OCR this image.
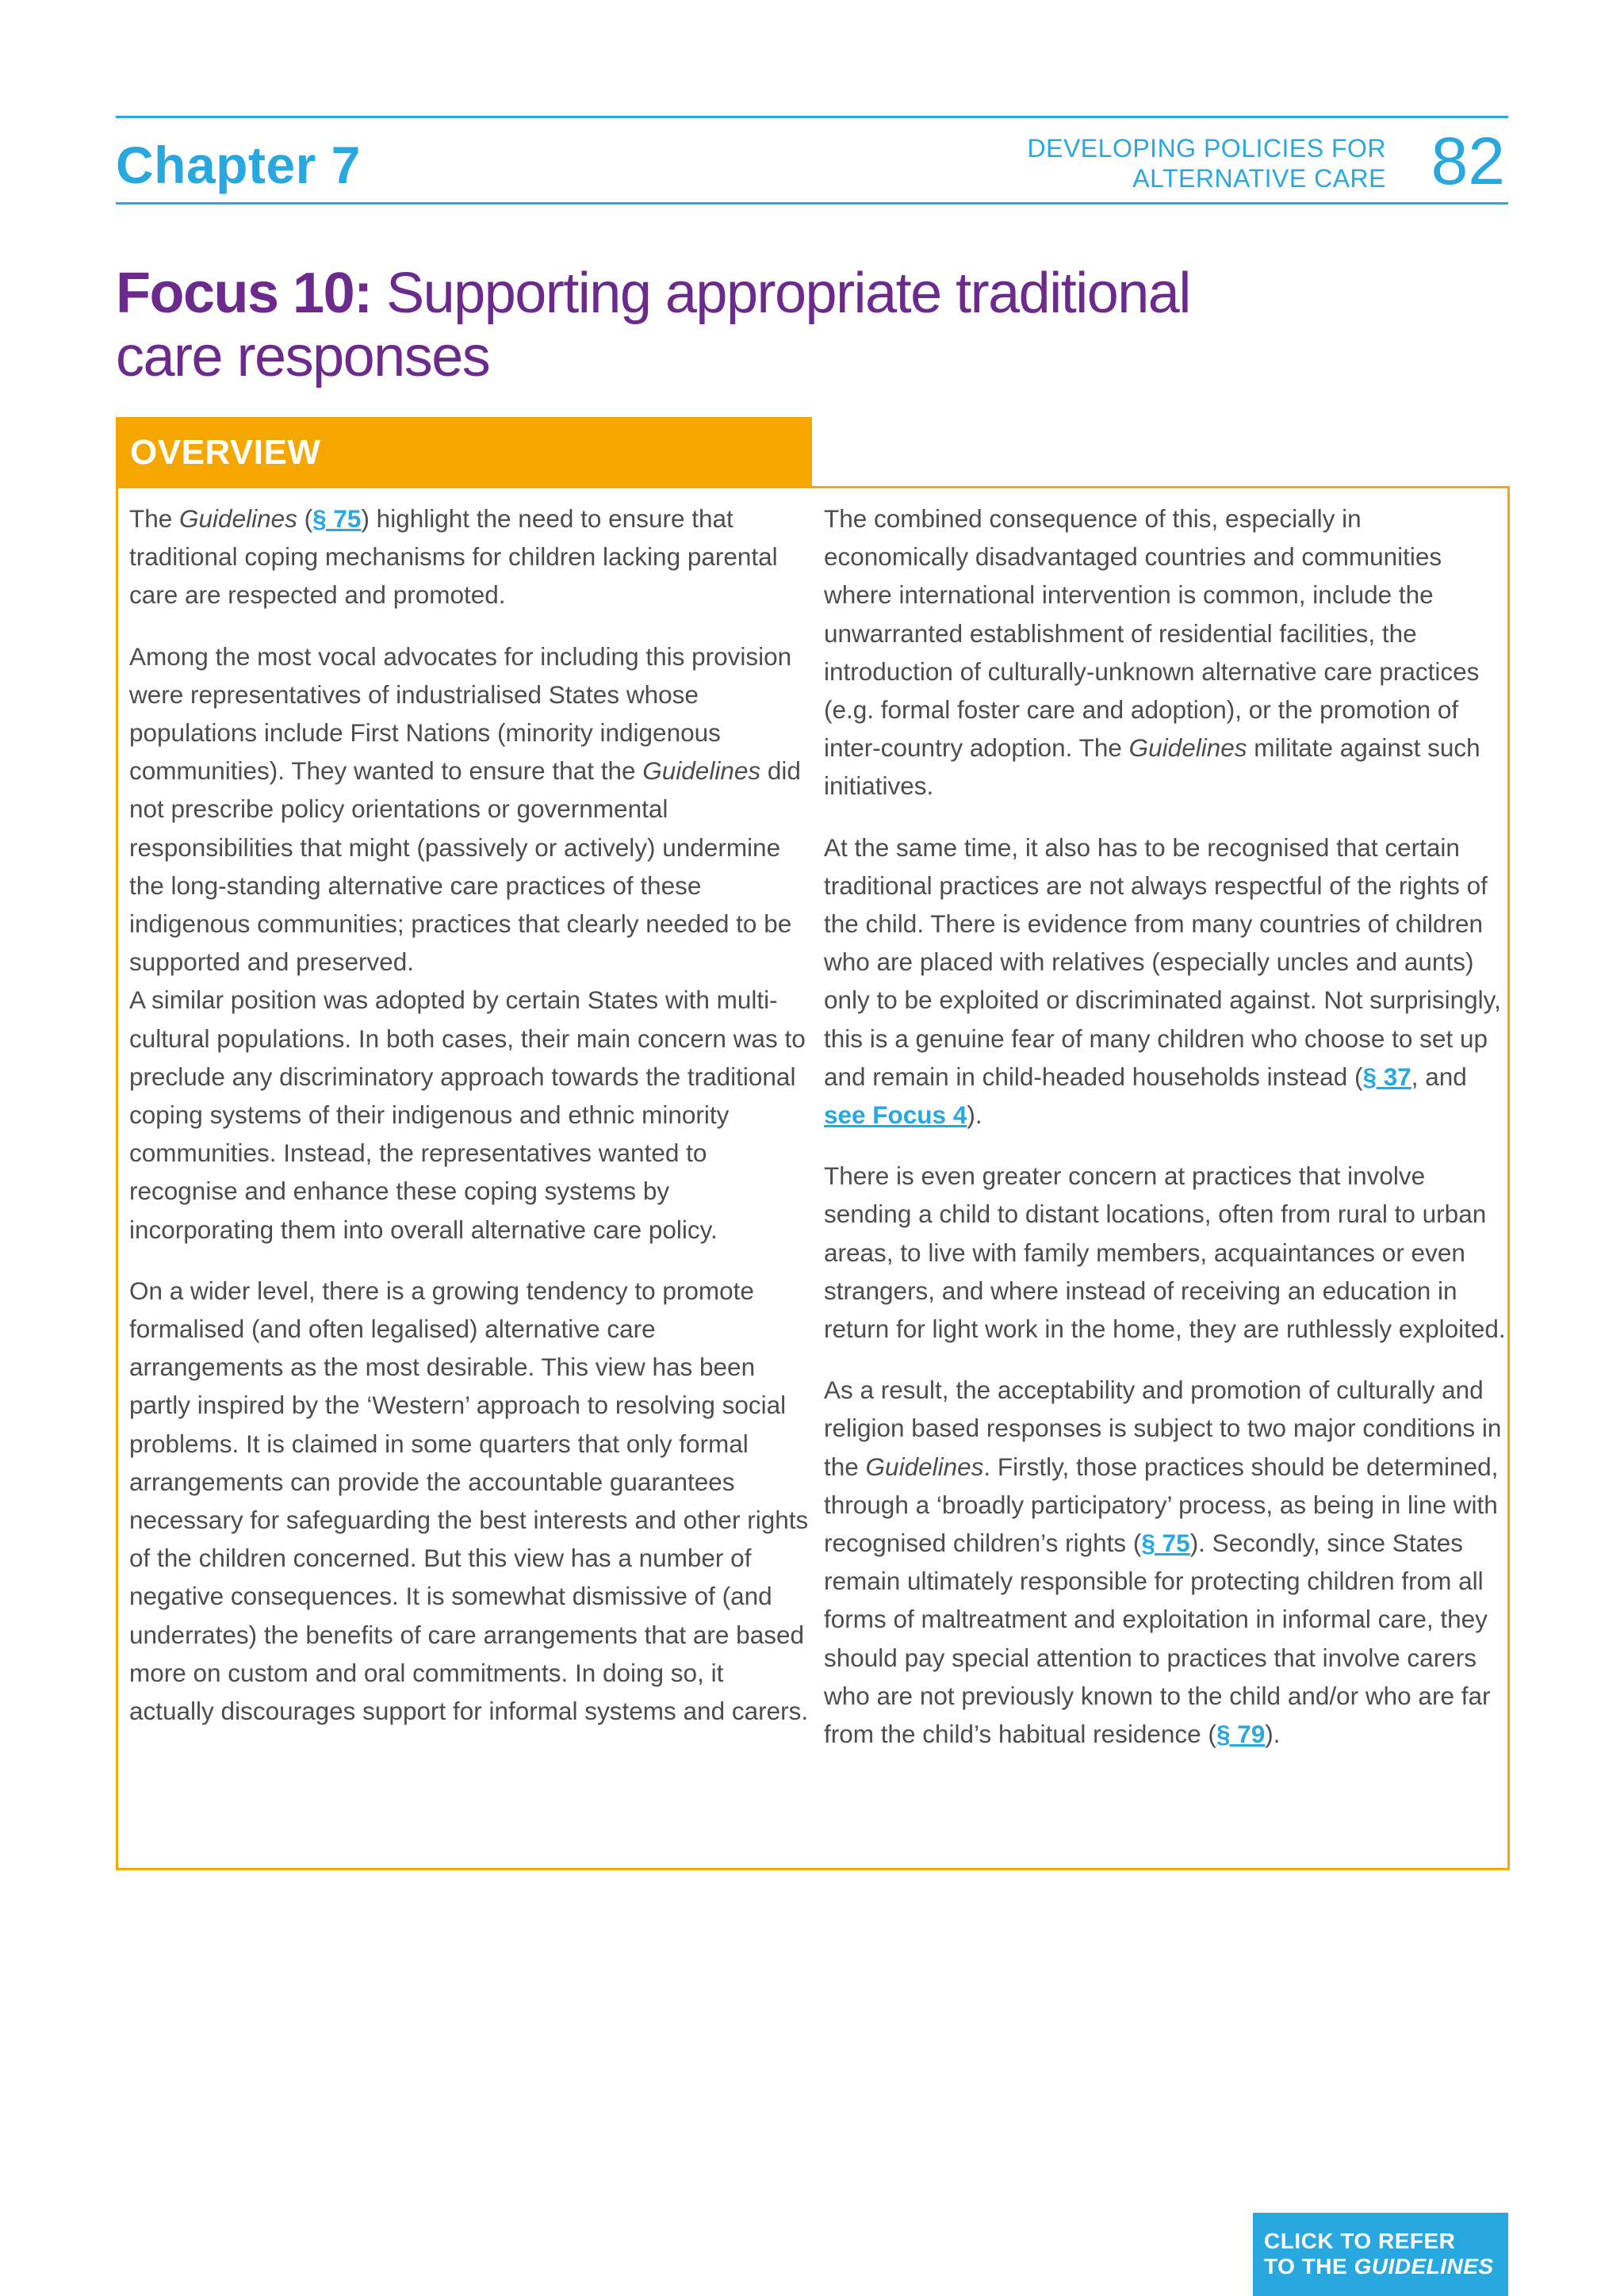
Chapter 7	DEVELOPING POLICIES FOR
ALTERNATIVE CARE 82
Focus 10: Supporting appropriate traditional care responses
OVERVIEW

The Guidelines (§ 75) highlight the need to ensure that traditional coping mechanisms for children lacking parental care are respected and promoted.

Among the most vocal advocates for including this provision were representatives of industrialised States whose populations include First Nations (minority indigenous communities). They wanted to ensure that the Guidelines did not prescribe policy orientations or governmental responsibilities that might (passively or actively) undermine the long-standing alternative care practices of these indigenous communities; practices that clearly needed to be supported and preserved.
A similar position was adopted by certain States with multi-cultural populations. In both cases, their main concern was to preclude any discriminatory approach towards the traditional coping systems of their indigenous and ethnic minority communities. Instead, the representatives wanted to recognise and enhance these coping systems by incorporating them into overall alternative care policy.

On a wider level, there is a growing tendency to promote formalised (and often legalised) alternative care arrangements as the most desirable. This view has been partly inspired by the ‘Western’ approach to resolving social problems. It is claimed in some quarters that only formal arrangements can provide the accountable guarantees necessary for safeguarding the best interests and other rights of the children concerned. But this view has a number of negative consequences. It is somewhat dismissive of (and underrates) the benefits of care arrangements that are based more on custom and oral commitments. In doing so, it actually discourages support for informal systems and carers.

The combined consequence of this, especially in economically disadvantaged countries and communities where international intervention is common, include the unwarranted establishment of residential facilities, the introduction of culturally-unknown alternative care practices (e.g. formal foster care and adoption), or the promotion of inter-country adoption. The Guidelines militate against such initiatives.

At the same time, it also has to be recognised that certain traditional practices are not always respectful of the rights of the child. There is evidence from many countries of children who are placed with relatives (especially uncles and aunts) only to be exploited or discriminated against. Not surprisingly, this is a genuine fear of many children who choose to set up and remain in child-headed households instead (§ 37, and see Focus 4).

There is even greater concern at practices that involve sending a child to distant locations, often from rural to urban areas, to live with family members, acquaintances or even strangers, and where instead of receiving an education in return for light work in the home, they are ruthlessly exploited.

As a result, the acceptability and promotion of culturally and religion based responses is subject to two major conditions in the Guidelines. Firstly, those practices should be determined, through a ‘broadly participatory’ process, as being in line with recognised children’s rights (§ 75). Secondly, since States remain ultimately responsible for protecting children from all forms of maltreatment and exploitation in informal care, they should pay special attention to practices that involve carers who are not previously known to the child and/or who are far from the child’s habitual residence (§ 79).

CLICK TO REFER
TO THE GUIDELINES
